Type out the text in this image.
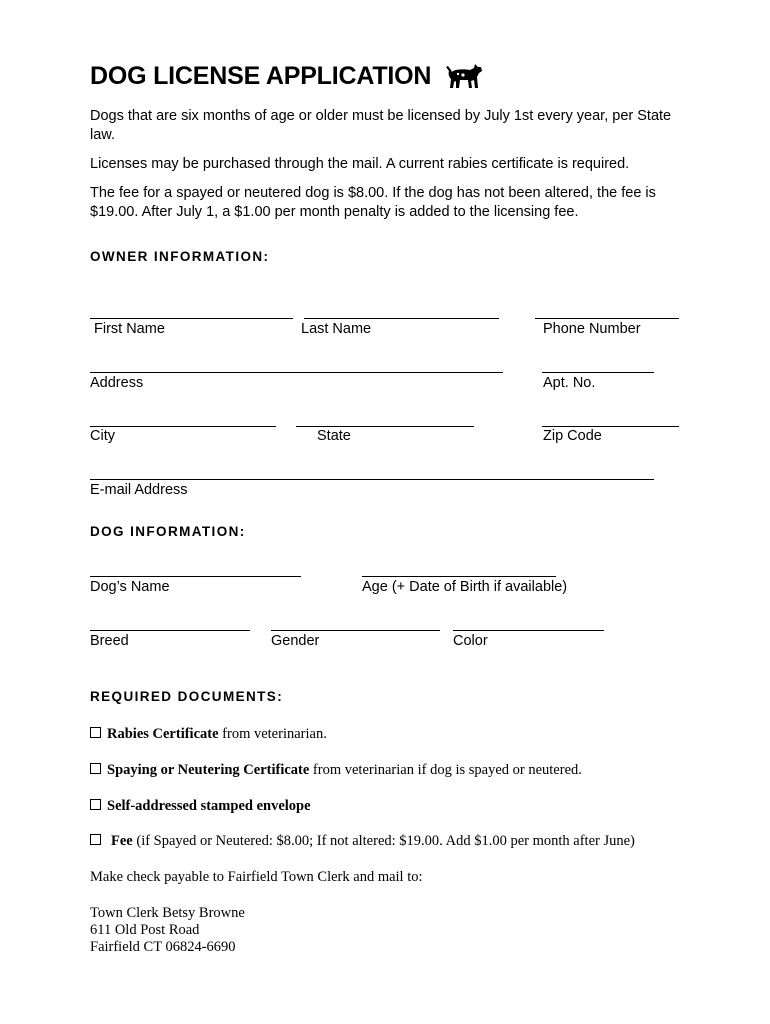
DOG LICENSE APPLICATION
Dogs that are six months of age or older must be licensed by July 1st every year, per State law.
Licenses may be purchased through the mail. A current rabies certificate is required.
The fee for a spayed or neutered dog is $8.00. If the dog has not been altered, the fee is $19.00. After July 1, a $1.00 per month penalty is added to the licensing fee.
OWNER INFORMATION:
First Name	Last Name	Phone Number
Address	Apt. No.
City	State	Zip Code
E-mail Address
DOG INFORMATION:
Dog’s Name	Age (+ Date of Birth if available)
Breed	Gender	Color
REQUIRED DOCUMENTS:
Rabies Certificate from veterinarian.
Spaying or Neutering Certificate from veterinarian if dog is spayed or neutered.
Self-addressed stamped envelope
Fee (if Spayed or Neutered: $8.00; If not altered: $19.00. Add $1.00 per month after June)
Make check payable to Fairfield Town Clerk and mail to:
Town Clerk Betsy Browne
611 Old Post Road
Fairfield CT 06824-6690
